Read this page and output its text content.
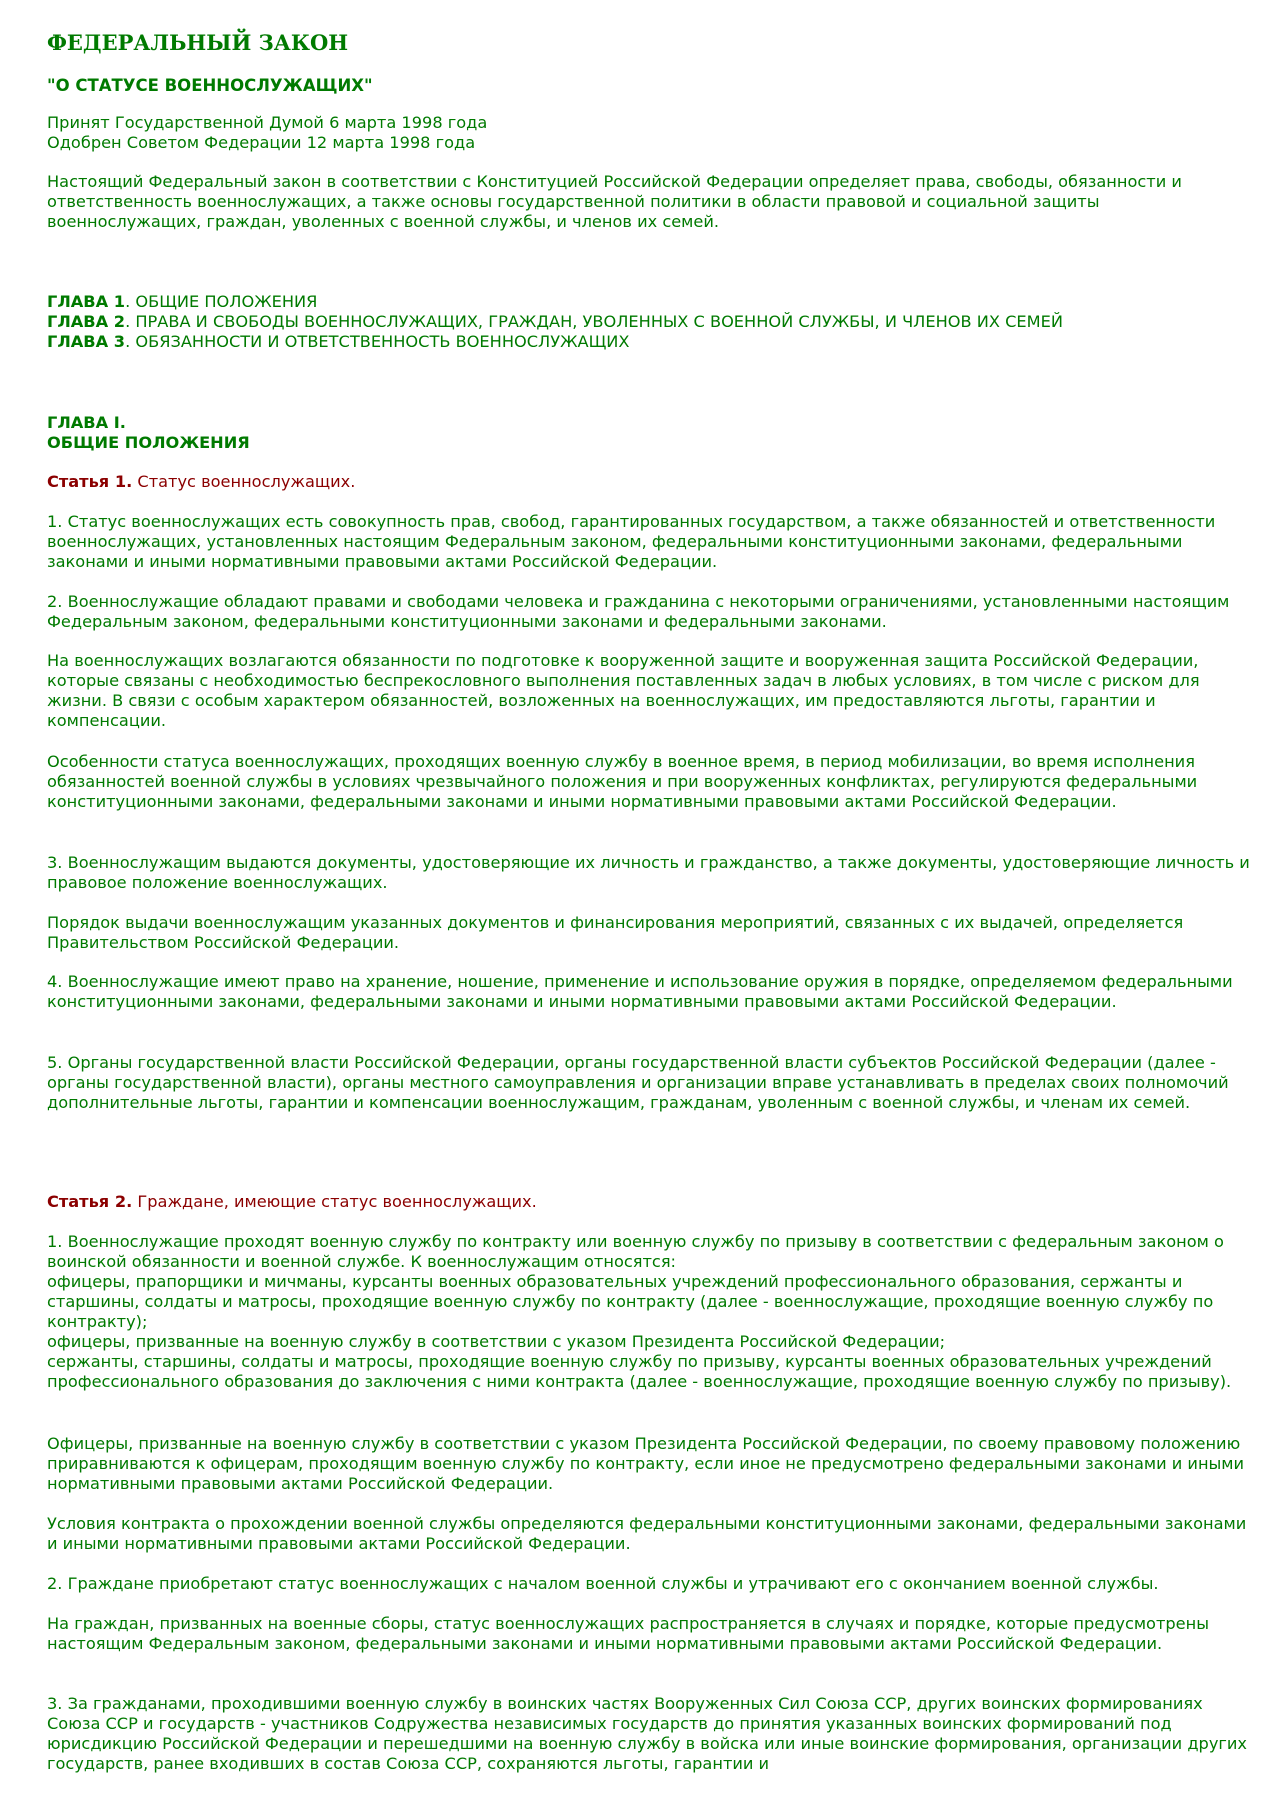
ФЕДЕРАЛЬНЫЙ ЗАКОН
"О СТАТУСЕ ВОЕННОСЛУЖАЩИХ"
Принят Государственной Думой 6 марта 1998 года
Одобрен Советом Федерации 12 марта 1998 года
Настоящий Федеральный закон в соответствии с Конституцией Российской Федерации определяет права, свободы, обязанности и ответственность военнослужащих, а также основы государственной политики в области правовой и социальной защиты военнослужащих, граждан, уволенных с военной службы, и членов их семей.
ГЛАВА 1. ОБЩИЕ ПОЛОЖЕНИЯ
ГЛАВА 2. ПРАВА И СВОБОДЫ ВОЕННОСЛУЖАЩИХ, ГРАЖДАН, УВОЛЕННЫХ С ВОЕННОЙ СЛУЖБЫ, И ЧЛЕНОВ ИХ СЕМЕЙ
ГЛАВА 3. ОБЯЗАННОСТИ И ОТВЕТСТВЕННОСТЬ ВОЕННОСЛУЖАЩИХ
ГЛАВА I.
ОБЩИЕ ПОЛОЖЕНИЯ
Статья 1. Статус военнослужащих.
1. Статус военнослужащих есть совокупность прав, свобод, гарантированных государством, а также обязанностей и ответственности военнослужащих, установленных настоящим Федеральным законом, федеральными конституционными законами, федеральными законами и иными нормативными правовыми актами Российской Федерации.
2. Военнослужащие обладают правами и свободами человека и гражданина с некоторыми ограничениями, установленными настоящим Федеральным законом, федеральными конституционными законами и федеральными законами.
На военнослужащих возлагаются обязанности по подготовке к вооруженной защите и вооруженная защита Российской Федерации, которые связаны с необходимостью беспрекословного выполнения поставленных задач в любых условиях, в том числе с риском для жизни. В связи с особым характером обязанностей, возложенных на военнослужащих, им предоставляются льготы, гарантии и компенсации.
Особенности статуса военнослужащих, проходящих военную службу в военное время, в период мобилизации, во время исполнения обязанностей военной службы в условиях чрезвычайного положения и при вооруженных конфликтах, регулируются федеральными конституционными законами, федеральными законами и иными нормативными правовыми актами Российской Федерации.
3. Военнослужащим выдаются документы, удостоверяющие их личность и гражданство, а также документы, удостоверяющие личность и правовое положение военнослужащих.
Порядок выдачи военнослужащим указанных документов и финансирования мероприятий, связанных с их выдачей, определяется Правительством Российской Федерации.
4. Военнослужащие имеют право на хранение, ношение, применение и использование оружия в порядке, определяемом федеральными конституционными законами, федеральными законами и иными нормативными правовыми актами Российской Федерации.
5. Органы государственной власти Российской Федерации, органы государственной власти субъектов Российской Федерации (далее - органы государственной власти), органы местного самоуправления и организации вправе устанавливать в пределах своих полномочий дополнительные льготы, гарантии и компенсации военнослужащим, гражданам, уволенным с военной службы, и членам их семей.
Статья 2. Граждане, имеющие статус военнослужащих.
1. Военнослужащие проходят военную службу по контракту или военную службу по призыву в соответствии с федеральным законом о воинской обязанности и военной службе. К военнослужащим относятся:
офицеры, прапорщики и мичманы, курсанты военных образовательных учреждений профессионального образования, сержанты и старшины, солдаты и матросы, проходящие военную службу по контракту (далее - военнослужащие, проходящие военную службу по контракту);
офицеры, призванные на военную службу в соответствии с указом Президента Российской Федерации;
сержанты, старшины, солдаты и матросы, проходящие военную службу по призыву, курсанты военных образовательных учреждений профессионального образования до заключения с ними контракта (далее - военнослужащие, проходящие военную службу по призыву).
Офицеры, призванные на военную службу в соответствии с указом Президента Российской Федерации, по своему правовому положению приравниваются к офицерам, проходящим военную службу по контракту, если иное не предусмотрено федеральными законами и иными нормативными правовыми актами Российской Федерации.
Условия контракта о прохождении военной службы определяются федеральными конституционными законами, федеральными законами и иными нормативными правовыми актами Российской Федерации.
2. Граждане приобретают статус военнослужащих с началом военной службы и утрачивают его с окончанием военной службы.
На граждан, призванных на военные сборы, статус военнослужащих распространяется в случаях и порядке, которые предусмотрены настоящим Федеральным законом, федеральными законами и иными нормативными правовыми актами Российской Федерации.
3. За гражданами, проходившими военную службу в воинских частях Вооруженных Сил Союза ССР, других воинских формированиях Союза ССР и государств - участников Содружества независимых государств до принятия указанных воинских формирований под юрисдикцию Российской Федерации и перешедшими на военную службу в войска или иные воинские формирования, организации других государств, ранее входивших в состав Союза ССР, сохраняются льготы, гарантии и
